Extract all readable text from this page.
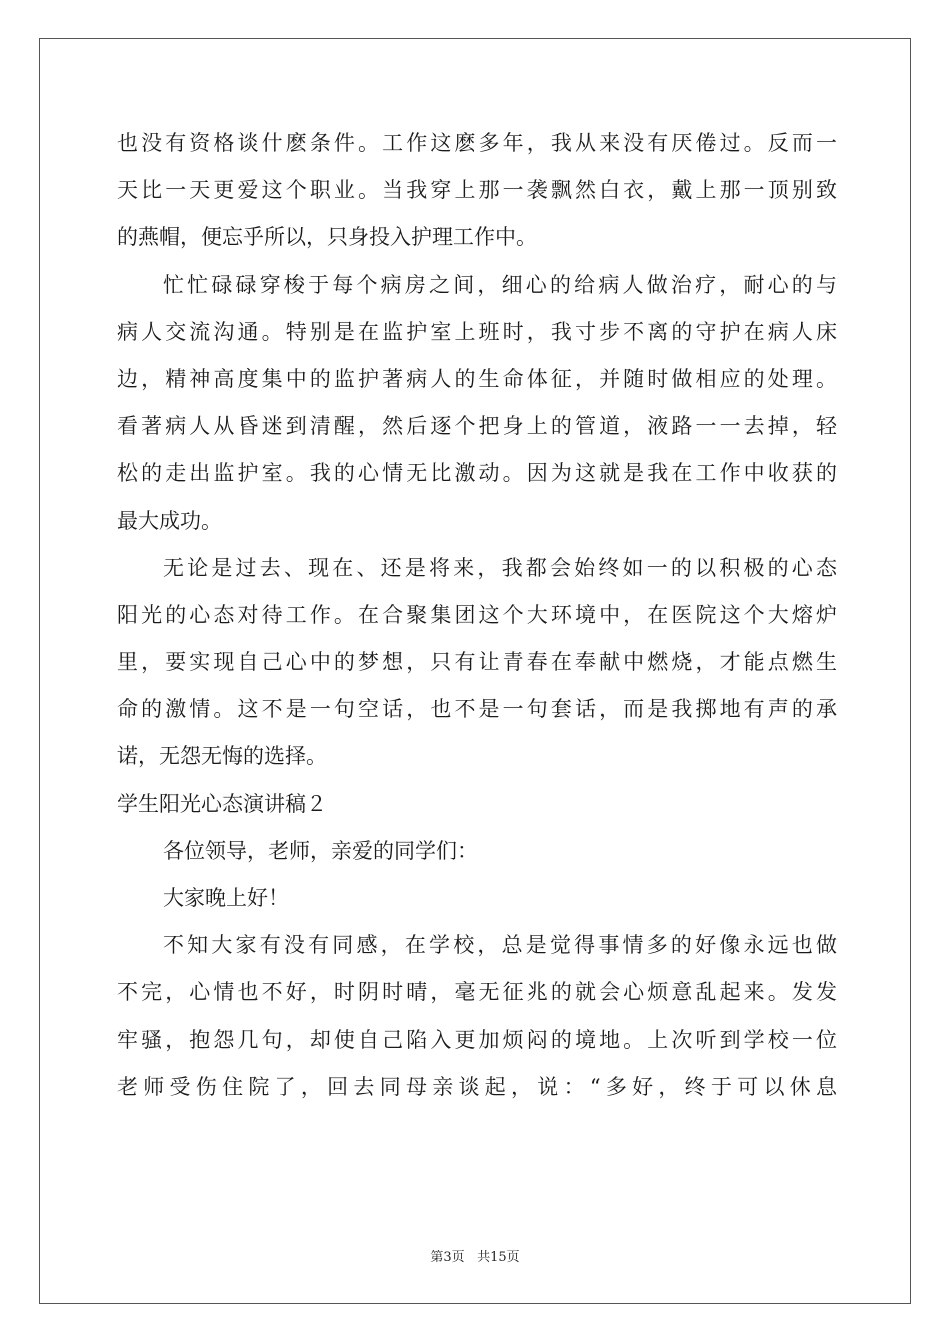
也没有资格谈什麽条件。工作这麽多年，我从来没有厌倦过。反而一
天比一天更爱这个职业。当我穿上那一袭飘然白衣，戴上那一顶别致
的燕帽，便忘乎所以，只身投入护理工作中。
忙忙碌碌穿梭于每个病房之间，细心的给病人做治疗，耐心的与
病人交流沟通。特别是在监护室上班时，我寸步不离的守护在病人床
边，精神高度集中的监护著病人的生命体征，并随时做相应的处理。
看著病人从昏迷到清醒，然后逐个把身上的管道，液路一一去掉，轻
松的走出监护室。我的心情无比激动。因为这就是我在工作中收获的
最大成功。
无论是过去、现在、还是将来，我都会始终如一的以积极的心态
阳光的心态对待工作。在合聚集团这个大环境中，在医院这个大熔炉
里，要实现自己心中的梦想，只有让青春在奉献中燃烧，才能点燃生
命的激情。这不是一句空话，也不是一句套话，而是我掷地有声的承
诺，无怨无悔的选择。
学生阳光心态演讲稿２
各位领导，老师，亲爱的同学们：
大家晚上好！
不知大家有没有同感，在学校，总是觉得事情多的好像永远也做
不完，心情也不好，时阴时晴，毫无征兆的就会心烦意乱起来。发发
牢骚，抱怨几句，却使自己陷入更加烦闷的境地。上次听到学校一位
老师受伤住院了，回去同母亲谈起，说：“多好，终于可以休息
第3页 共15页
